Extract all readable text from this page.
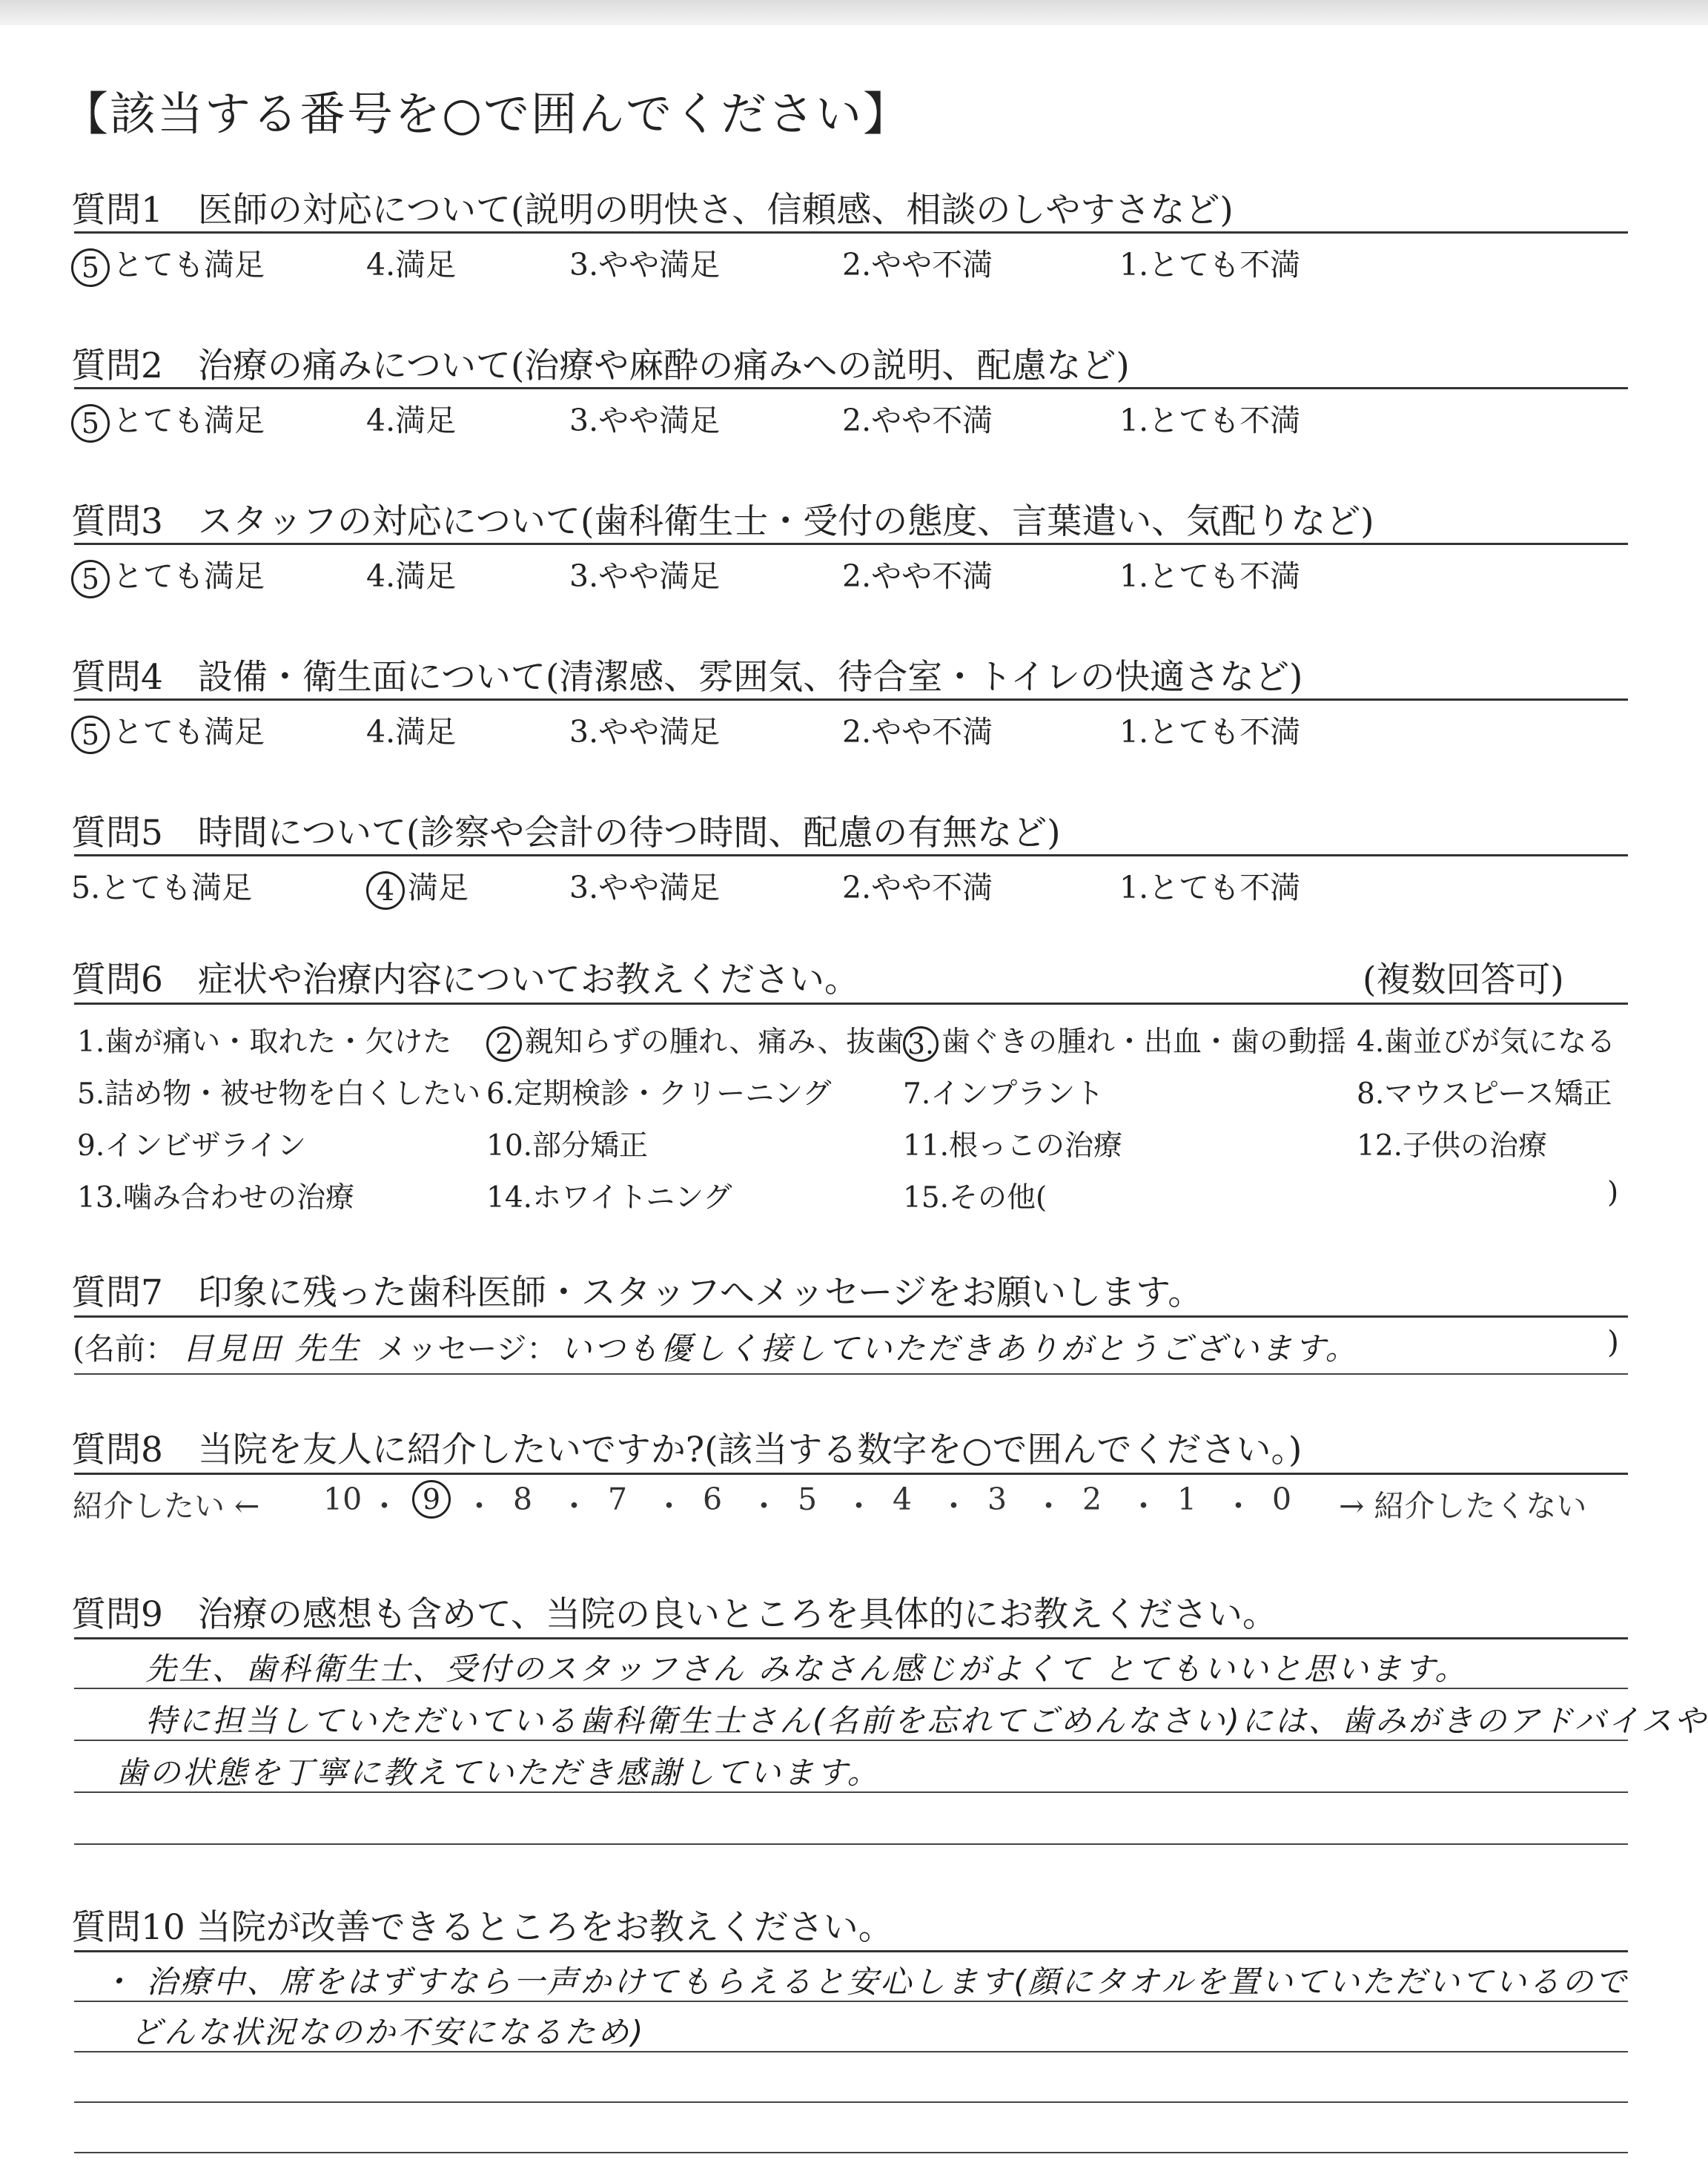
【該当する番号を○で囲んでください】
質問1　医師の対応について(説明の明快さ、信頼感、相談のしやすさなど)
5 とても満足	4.満足	3.やや満足	2.やや不満	1.とても不満
質問2　治療の痛みについて(治療や麻酔の痛みへの説明、配慮など)
5 とても満足	4.満足	3.やや満足	2.やや不満	1.とても不満
質問3　スタッフの対応について(歯科衛生士・受付の態度、言葉遣い、気配りなど)
5 とても満足	4.満足	3.やや満足	2.やや不満	1.とても不満
質問4　設備・衛生面について(清潔感、雰囲気、待合室・トイレの快適さなど)
5 とても満足	4.満足	3.やや満足	2.やや不満	1.とても不満
質問5　時間について(診察や会計の待つ時間、配慮の有無など)
5.とても満足	4 満足	3.やや満足	2.やや不満	1.とても不満
質問6　症状や治療内容についてお教えください。	(複数回答可)
1.歯が痛い・取れた・欠けた	2 親知らずの腫れ、痛み、抜歯 3. 歯ぐきの腫れ・出血・歯の動揺 4.歯並びが気になる
5.詰め物・被せ物を白くしたい 6.定期検診・クリーニング 7.インプラント	8.マウスピース矯正
9.インビザライン	10.部分矯正	11.根っこの治療	12.子供の治療
13.噛み合わせの治療	14.ホワイトニング	15.その他(	)
質問7　印象に残った歯科医師・スタッフへメッセージをお願いします。
(名前： 目見田 先生 メッセージ： いつも優しく接していただきありがとうございます。	)
質問8　当院を友人に紹介したいですか?(該当する数字を○で囲んでください。)
紹介したい ← 10 ・ 9 ・ 8 ・ 7 ・ 6 ・ 5 ・ 4 ・ 3 ・ 2 ・ 1 ・ 0 → 紹介したくない
質問9　治療の感想も含めて、当院の良いところを具体的にお教えください。
先生、歯科衛生士、受付のスタッフさん みなさん感じがよくて とてもいいと思います。
特に担当していただいている歯科衛生士さん(名前を忘れてごめんなさい)には、歯みがきのアドバイスや
歯の状態を丁寧に教えていただき感謝しています。
質問10 当院が改善できるところをお教えください。
・ 治療中、席をはずすなら一声かけてもらえると安心します(顔にタオルを置いていただいているので
どんな状況なのか不安になるため)
